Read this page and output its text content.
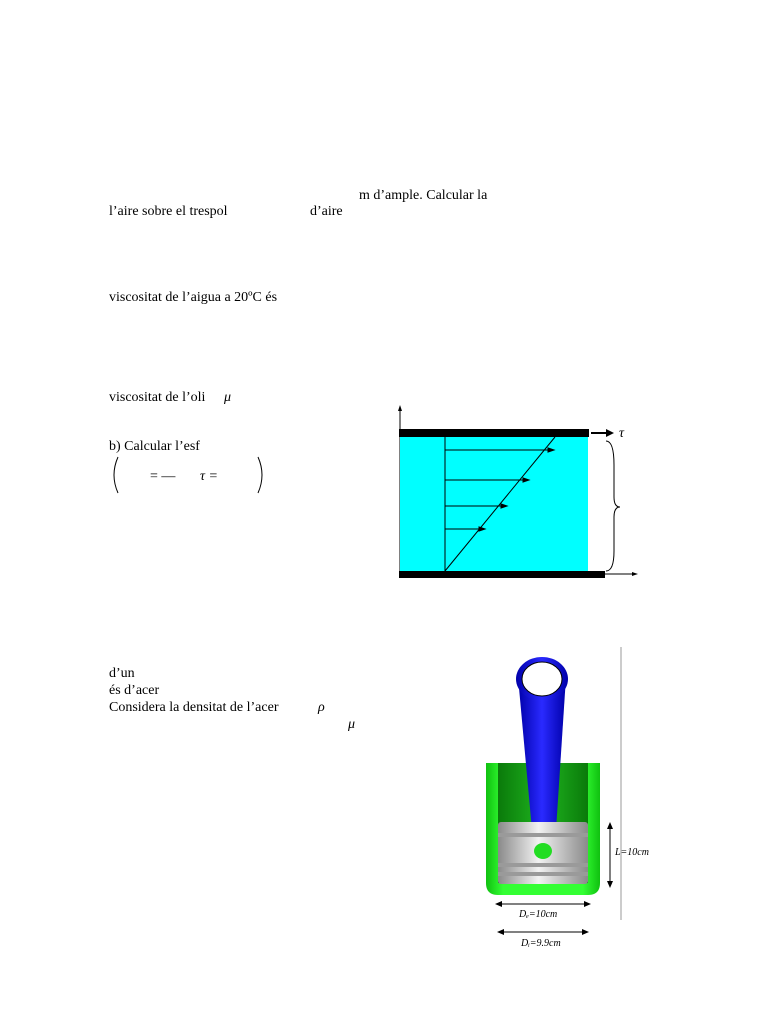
m d’ample. Calcular la
l’aire sobre el trespol	d’aire
viscositat de l’aigua a 20ºC és
viscositat de l’oli μ
b) Calcular l’esf
= — τ =
τ
d’un
és d’acer
Considera la densitat de l’acer	ρ
μ
L=10cm
Dₑ=10cm
Dᵢ=9.9cm
